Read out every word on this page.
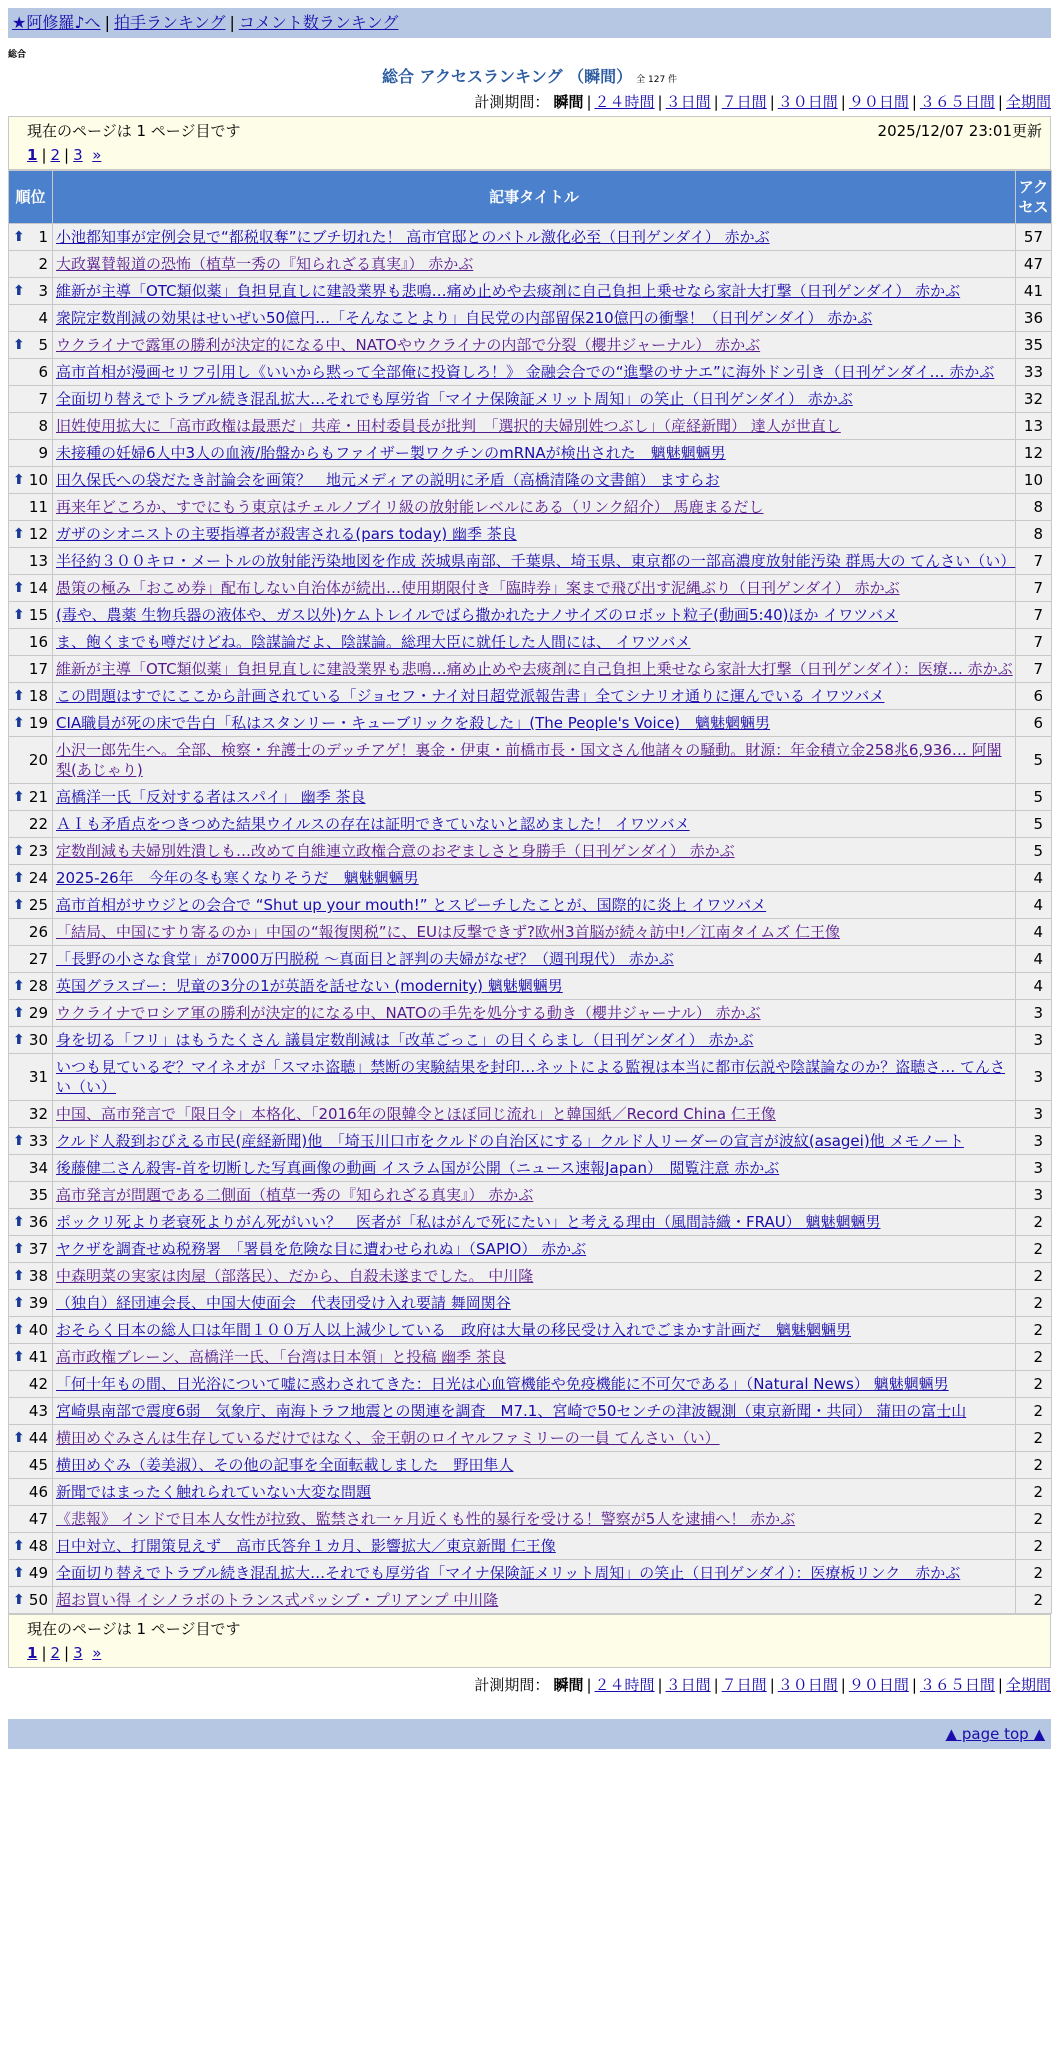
★阿修羅♪へ | 拍手ランキング | コメント数ランキング
総合
総合 アクセスランキング （瞬間） 全 127 件
計測期間： 瞬間 | ２４時間 | ３日間 | ７日間 | ３０日間 | ９０日間 | ３６５日間 | 全期間
現在のページは 1 ページ目です	2025/12/07 23:01更新
1 | 2 | 3 »
順位	記事タイトル	アクセス

⬆ 1	小池都知事が定例会見で“都税収奪”にブチ切れた！ 高市官邸とのバトル激化必至（日刊ゲンダイ） 赤かぶ	57
2	大政翼賛報道の恐怖（植草一秀の『知られざる真実』） 赤かぶ	47

⬆ 3	維新が主導「OTC類似薬」負担見直しに建設業界も悲鳴…痛め止めや去痰剤に自己負担上乗せなら家計大打撃（日刊ゲンダイ） 赤かぶ	41
4	衆院定数削減の効果はせいぜい50億円…「そんなことより」自民党の内部留保210億円の衝撃！（日刊ゲンダイ） 赤かぶ	36

⬆ 5	ウクライナで露軍の勝利が決定的になる中、NATOやウクライナの内部で分裂（櫻井ジャーナル） 赤かぶ	35
6	高市首相が漫画セリフ引用し《いいから黙って全部俺に投資しろ！》 金融会合での“進撃のサナエ”に海外ドン引き（日刊ゲンダイ… 赤かぶ	33
7	全面切り替えでトラブル続き混乱拡大…それでも厚労省「マイナ保険証メリット周知」の笑止（日刊ゲンダイ） 赤かぶ	32
8	旧姓使用拡大に「高市政権は最悪だ」共産・田村委員長が批判　「選択的夫婦別姓つぶし」（産経新聞） 達人が世直し	13
9	未接種の妊婦6人中3人の血液/胎盤からもファイザー製ワクチンのmRNAが検出された　魑魅魍魎男	12

⬆ 10	田久保氏への袋だたき討論会を画策？　地元メディアの説明に矛盾（高橋清隆の文書館） ますらお	10
11	再来年どころか、すでにもう東京はチェルノブイリ級の放射能レベルにある（リンク紹介） 馬鹿まるだし	8

⬆ 12	ガザのシオニストの主要指導者が殺害される(pars today) 幽季 茶良	8
13	半径約３００キロ・メートルの放射能汚染地図を作成 茨城県南部、千葉県、埼玉県、東京都の一部高濃度放射能汚染 群馬大の てんさい（い）	7

⬆ 14	愚策の極み「おこめ券」配布しない自治体が続出…使用期限付き「臨時券」案まで飛び出す泥縄ぶり（日刊ゲンダイ） 赤かぶ	7

⬆ 15	(毒や、農薬 生物兵器の液体や、ガス以外)ケムトレイルでばら撒かれたナノサイズのロボット粒子(動画5:40)ほか イワツバメ	7
16	ま、飽くまでも噂だけどね。陰謀論だよ、陰謀論。総理大臣に就任した人間には、 イワツバメ	7
17	維新が主導「OTC類似薬」負担見直しに建設業界も悲鳴…痛め止めや去痰剤に自己負担上乗せなら家計大打撃（日刊ゲンダイ）：医療… 赤かぶ	7

⬆ 18	この問題はすでにここから計画されている「ジョセフ・ナイ対日超党派報告書」全てシナリオ通りに運んでいる イワツバメ	6

⬆ 19	CIA職員が死の床で告白「私はスタンリー・キューブリックを殺した」(The People's Voice)　魑魅魍魎男	6
20	小沢一郎先生へ。全部、検察・弁護士のデッチアゲ！裏金・伊東・前橋市長・国文さん他諸々の騒動。財源：年金積立金258兆6,936… 阿闍梨(あじゃり)	5

⬆ 21	高橋洋一氏「反対する者はスパイ」 幽季 茶良	5
22	ＡＩも矛盾点をつきつめた結果ウイルスの存在は証明できていないと認めました！ イワツバメ	5

⬆ 23	定数削減も夫婦別姓潰しも…改めて自維連立政権合意のおぞましさと身勝手（日刊ゲンダイ） 赤かぶ	5

⬆ 24	2025-26年　今年の冬も寒くなりそうだ　魑魅魍魎男	4

⬆ 25	高市首相がサウジとの会合で “Shut up your mouth!” とスピーチしたことが、国際的に炎上 イワツバメ	4
26	「結局、中国にすり寄るのか」中国の“報復関税”に、EUは反撃できず?欧州3首脳が続々訪中!／江南タイムズ 仁王像	4
27	「長野の小さな食堂」が7000万円脱税 ～真面目と評判の夫婦がなぜ？（週刊現代） 赤かぶ	4

⬆ 28	英国グラスゴー：児童の3分の1が英語を話せない (modernity) 魑魅魍魎男	4

⬆ 29	ウクライナでロシア軍の勝利が決定的になる中、NATOの手先を処分する動き（櫻井ジャーナル） 赤かぶ	3

⬆ 30	身を切る「フリ」はもうたくさん 議員定数削減は「改革ごっこ」の目くらまし（日刊ゲンダイ） 赤かぶ	3
31	いつも見ているぞ？マイネオが「スマホ盗聴」禁断の実験結果を封印…ネットによる監視は本当に都市伝説や陰謀論なのか？盗聴さ… てんさい（い）	3
32	中国、高市発言で「限日令」本格化、「2016年の限韓令とほぼ同じ流れ」と韓国紙／Record China 仁王像	3

⬆ 33	クルド人殺到おびえる市民(産経新聞)他　「埼玉川口市をクルドの自治区にする」クルド人リーダーの宣言が波紋(asagei)他 メモノート	3
34	後藤健二さん殺害-首を切断した写真画像の動画 イスラム国が公開（ニュース速報Japan）　閲覧注意 赤かぶ	3
35	高市発言が問題である二側面（植草一秀の『知られざる真実』） 赤かぶ	3

⬆ 36	ポックリ死より老衰死よりがん死がいい？　医者が「私はがんで死にたい」と考える理由（風間詩織・FRAU） 魑魅魍魎男	2

⬆ 37	ヤクザを調査せぬ税務署　「署員を危険な目に遭わせられぬ」（SAPIO） 赤かぶ	2

⬆ 38	中森明菜の実家は肉屋（部落民）、だから、自殺未遂までした。 中川隆	2

⬆ 39	（独自）経団連会長、中国大使面会　代表団受け入れ要請 舞岡関谷	2

⬆ 40	おそらく日本の総人口は年間１００万人以上減少している　政府は大量の移民受け入れでごまかす計画だ　魑魅魍魎男	2

⬆ 41	高市政権ブレーン、高橋洋一氏、「台湾は日本領」と投稿 幽季 茶良	2
42	「何十年もの間、日光浴について嘘に惑わされてきた：日光は心血管機能や免疫機能に不可欠である」（Natural News） 魑魅魍魎男	2
43	宮崎県南部で震度6弱　気象庁、南海トラフ地震との関連を調査　M7.1、宮崎で50センチの津波観測（東京新聞・共同） 蒲田の富士山	2

⬆ 44	横田めぐみさんは生存しているだけではなく、金王朝のロイヤルファミリーの一員 てんさい（い）	2
45	横田めぐみ（姜美淑）、その他の記事を全面転載しました　野田隼人	2
46	新聞ではまったく触れられていない大変な問題	2
47	《悲報》 インドで日本人女性が拉致、監禁され一ヶ月近くも性的暴行を受ける！警察が5人を逮捕へ！ 赤かぶ	2

⬆ 48	日中対立、打開策見えず　高市氏答弁１カ月、影響拡大／東京新聞 仁王像	2

⬆ 49	全面切り替えでトラブル続き混乱拡大…それでも厚労省「マイナ保険証メリット周知」の笑止（日刊ゲンダイ）：医療板リンク　赤かぶ	2

⬆ 50	超お買い得 イシノラボのトランス式パッシブ・プリアンプ 中川隆	2
現在のページは 1 ページ目です
1 | 2 | 3 »
計測期間： 瞬間 | ２４時間 | ３日間 | ７日間 | ３０日間 | ９０日間 | ３６５日間 | 全期間
▲ page top ▲
